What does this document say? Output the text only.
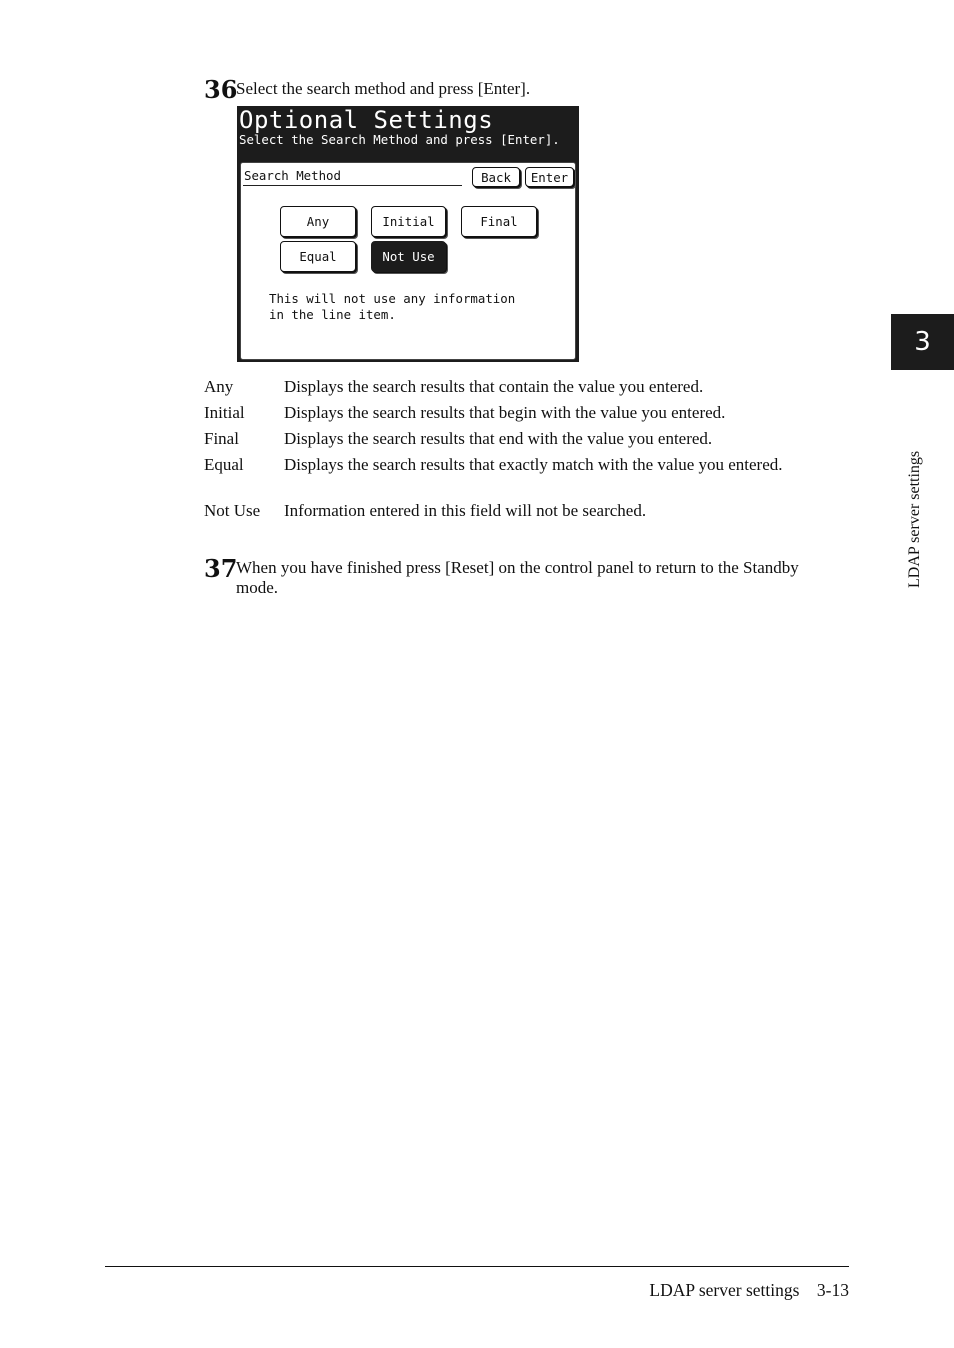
36
Select the search method and press [Enter].
Optional Settings
Select the Search Method and press [Enter].
Search Method	Back	Enter
Any	Initial	Final
Equal	Not Use
This will not use any information
in the line item.
Any	Displays the search results that contain the value you entered.
Initial Displays the search results that begin with the value you entered.
Final	Displays the search results that end with the value you entered.
Equal Displays the search results that exactly match with the value you entered.
Not Use Information entered in this field will not be searched.
37
When you have finished press [Reset] on the control panel to return to the Standby mode.
3
LDAP server settings
LDAP server settings 3-13
